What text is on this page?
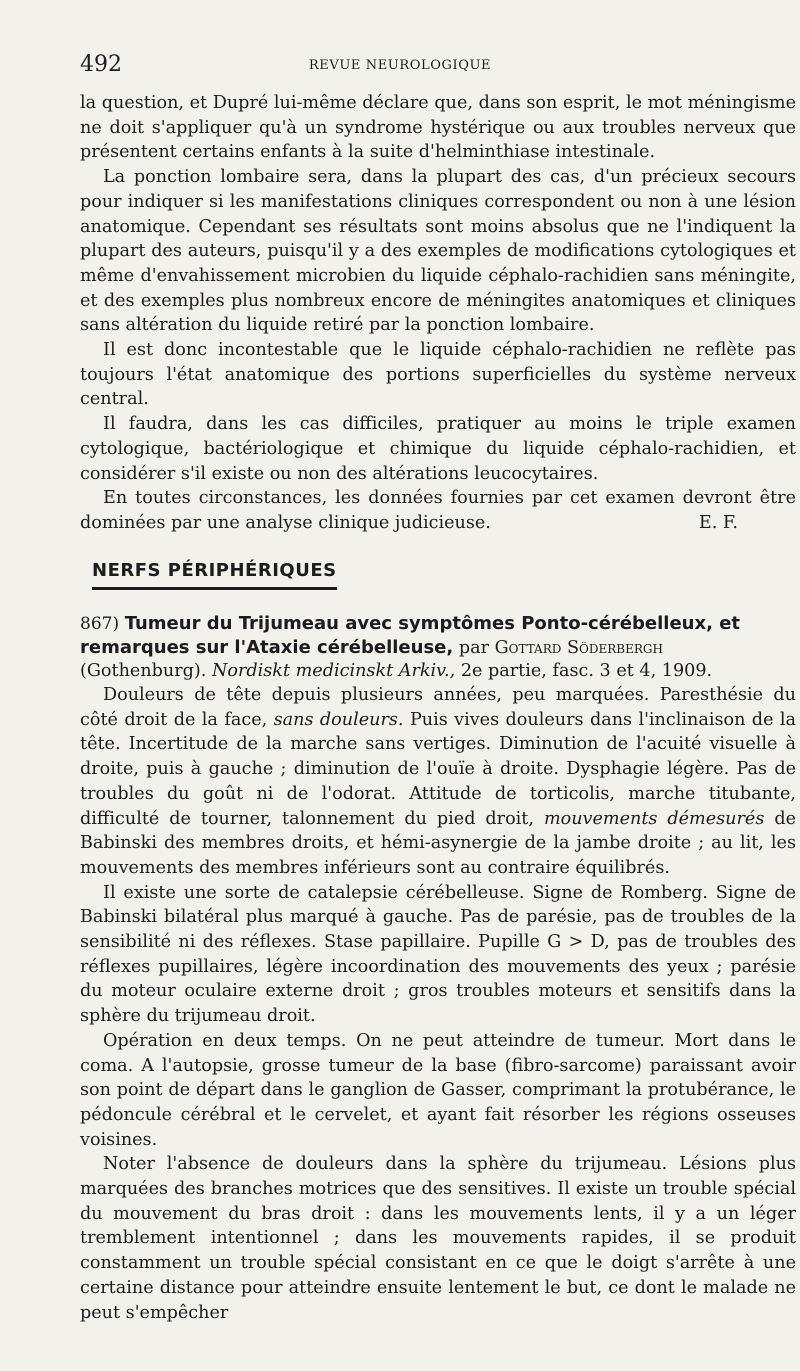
492	REVUE NEUROLOGIQUE

la question, et Dupré lui-même déclare que, dans son esprit, le mot méningisme ne doit s'appliquer qu'à un syndrome hystérique ou aux troubles nerveux que présentent certains enfants à la suite d'helminthiase intestinale.

La ponction lombaire sera, dans la plupart des cas, d'un précieux secours pour indiquer si les manifestations cliniques correspondent ou non à une lésion anatomique. Cependant ses résultats sont moins absolus que ne l'indiquent la plupart des auteurs, puisqu'il y a des exemples de modifications cytologiques et même d'envahissement microbien du liquide céphalo-rachidien sans méningite, et des exemples plus nombreux encore de méningites anatomiques et cliniques sans altération du liquide retiré par la ponction lombaire.

Il est donc incontestable que le liquide céphalo-rachidien ne reflète pas toujours l'état anatomique des portions superficielles du système nerveux central.

Il faudra, dans les cas difficiles, pratiquer au moins le triple examen cytologique, bactériologique et chimique du liquide céphalo-rachidien, et considérer s'il existe ou non des altérations leucocytaires.

En toutes circonstances, les données fournies par cet examen devront être dominées par une analyse clinique judicieuse.	E. F.

NERFS PÉRIPHÉRIQUES
867) Tumeur du Trijumeau avec symptômes Ponto-cérébelleux, et remarques sur l'Ataxie cérébelleuse, par Gottard Söderbergh (Gothenburg). Nordiskt medicinskt Arkiv., 2e partie, fasc. 3 et 4, 1909.

Douleurs de tête depuis plusieurs années, peu marquées. Paresthésie du côté droit de la face, sans douleurs. Puis vives douleurs dans l'inclinaison de la tête. Incertitude de la marche sans vertiges. Diminution de l'acuité visuelle à droite, puis à gauche ; diminution de l'ouïe à droite. Dysphagie légère. Pas de troubles du goût ni de l'odorat. Attitude de torticolis, marche titubante, difficulté de tourner, talonnement du pied droit, mouvements démesurés de Babinski des membres droits, et hémi-asynergie de la jambe droite ; au lit, les mouvements des membres inférieurs sont au contraire équilibrés.

Il existe une sorte de catalepsie cérébelleuse. Signe de Romberg. Signe de Babinski bilatéral plus marqué à gauche. Pas de parésie, pas de troubles de la sensibilité ni des réflexes. Stase papillaire. Pupille G > D, pas de troubles des réflexes pupillaires, légère incoordination des mouvements des yeux ; parésie du moteur oculaire externe droit ; gros troubles moteurs et sensitifs dans la sphère du trijumeau droit.

Opération en deux temps. On ne peut atteindre de tumeur. Mort dans le coma. A l'autopsie, grosse tumeur de la base (fibro-sarcome) paraissant avoir son point de départ dans le ganglion de Gasser, comprimant la protubérance, le pédoncule cérébral et le cervelet, et ayant fait résorber les régions osseuses voisines.

Noter l'absence de douleurs dans la sphère du trijumeau. Lésions plus marquées des branches motrices que des sensitives. Il existe un trouble spécial du mouvement du bras droit : dans les mouvements lents, il y a un léger tremblement intentionnel ; dans les mouvements rapides, il se produit constamment un trouble spécial consistant en ce que le doigt s'arrête à une certaine distance pour atteindre ensuite lentement le but, ce dont le malade ne peut s'empêcher
